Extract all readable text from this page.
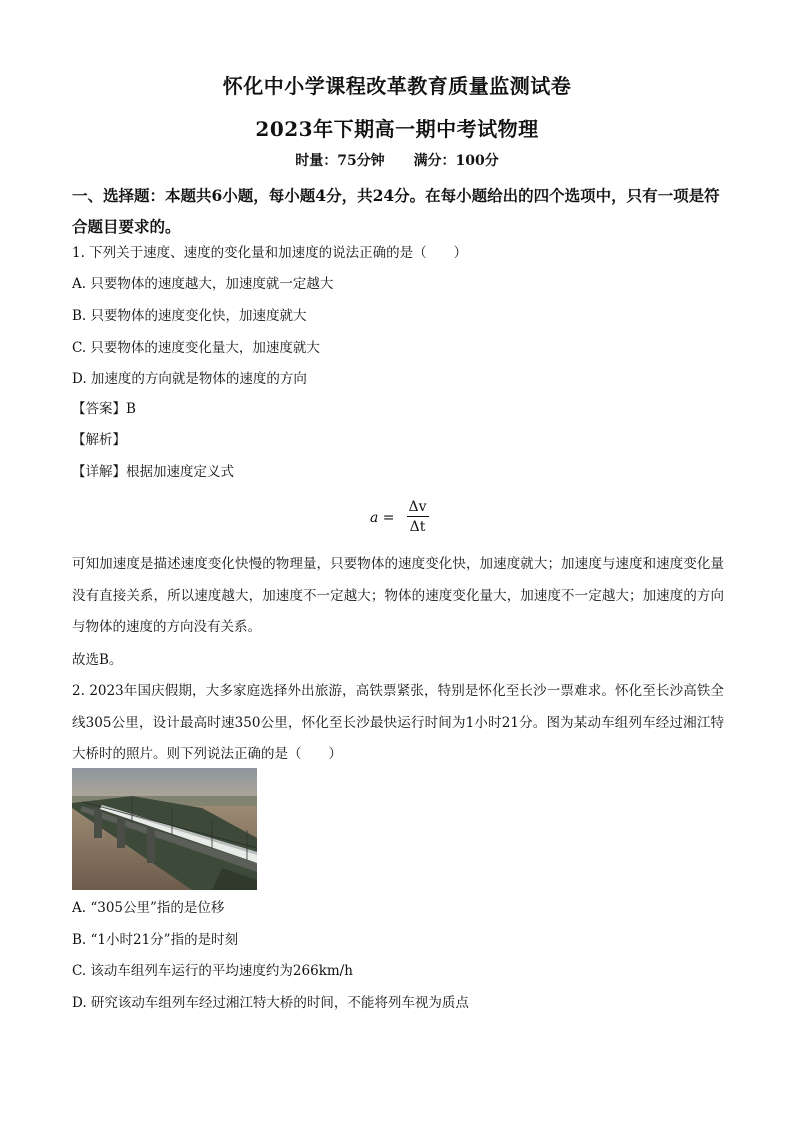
怀化中小学课程改革教育质量监测试卷
2023年下期高一期中考试物理
时量：75分钟 满分：100分
一、选择题：本题共6小题，每小题4分，共24分。在每小题给出的四个选项中，只有一项是符合题目要求的。
1. 下列关于速度、速度的变化量和加速度的说法正确的是（　　）
A. 只要物体的速度越大，加速度就一定越大
B. 只要物体的速度变化快，加速度就大
C. 只要物体的速度变化量大，加速度就大
D. 加速度的方向就是物体的速度的方向
【答案】B
【解析】
【详解】根据加速度定义式
$a = \frac{\Delta v}{\Delta t}$
可知加速度是描述速度变化快慢的物理量，只要物体的速度变化快，加速度就大；加速度与速度和速度变化量没有直接关系，所以速度越大，加速度不一定越大；物体的速度变化量大，加速度不一定越大；加速度的方向与物体的速度的方向没有关系。
故选B。
2. 2023年国庆假期，大多家庭选择外出旅游，高铁票紧张，特别是怀化至长沙一票难求。怀化至长沙高铁全线305公里，设计最高时速350公里，怀化至长沙最快运行时间为1小时21分。图为某动车组列车经过湘江特大桥时的照片。则下列说法正确的是（　　）
A. “305公里”指的是位移
B. “1小时21分”指的是时刻
C. 该动车组列车运行的平均速度约为266km/h
D. 研究该动车组列车经过湘江特大桥的时间，不能将列车视为质点
